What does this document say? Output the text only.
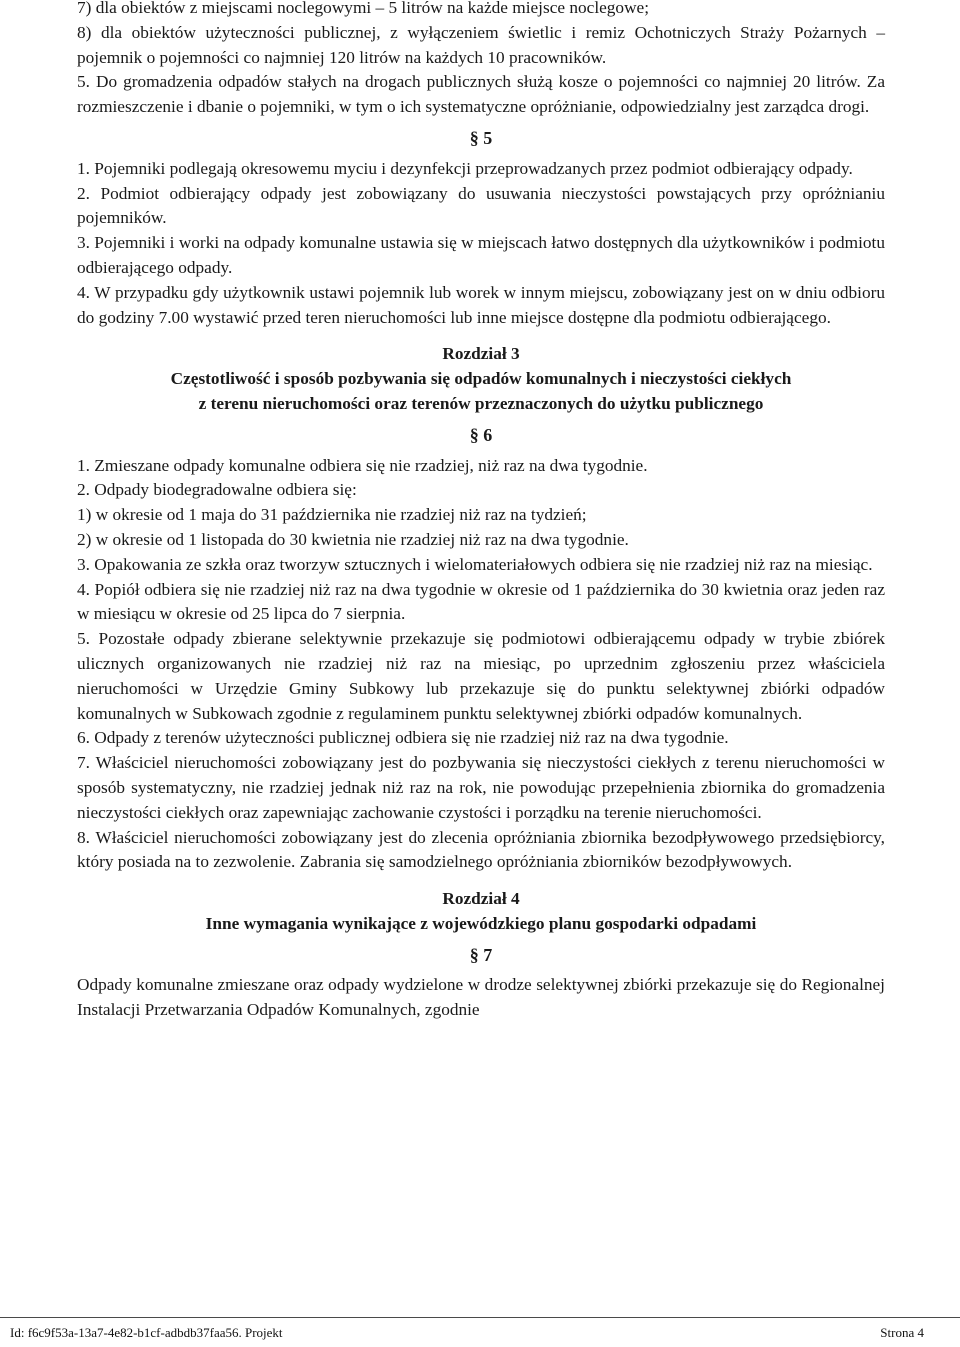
7) dla obiektów z miejscami noclegowymi – 5 litrów na każde miejsce noclegowe;

8) dla obiektów użyteczności publicznej, z wyłączeniem świetlic i remiz Ochotniczych Straży Pożarnych – pojemnik o pojemności co najmniej 120 litrów na każdych 10 pracowników.

5. Do gromadzenia odpadów stałych na drogach publicznych służą kosze o pojemności co najmniej 20 litrów. Za rozmieszczenie i dbanie o pojemniki, w tym o ich systematyczne opróżnianie, odpowiedzialny jest zarządca drogi.

§ 5

1. Pojemniki podlegają okresowemu myciu i dezynfekcji przeprowadzanych przez podmiot odbierający odpady.

2. Podmiot odbierający odpady jest zobowiązany do usuwania nieczystości powstających przy opróżnianiu pojemników.

3. Pojemniki i worki na odpady komunalne ustawia się w miejscach łatwo dostępnych dla użytkowników i podmiotu odbierającego odpady.

4. W przypadku gdy użytkownik ustawi pojemnik lub worek w innym miejscu, zobowiązany jest on w dniu odbioru do godziny 7.00 wystawić przed teren nieruchomości lub inne miejsce dostępne dla podmiotu odbierającego.

Rozdział 3

Częstotliwość i sposób pozbywania się odpadów komunalnych i nieczystości ciekłych

z terenu nieruchomości oraz terenów przeznaczonych do użytku publicznego

§ 6

1. Zmieszane odpady komunalne odbiera się nie rzadziej, niż raz na dwa tygodnie.

2. Odpady biodegradowalne odbiera się:

1) w okresie od 1 maja do 31 października nie rzadziej niż raz na tydzień;

2) w okresie od 1 listopada do 30 kwietnia nie rzadziej niż raz na dwa tygodnie.

3. Opakowania ze szkła oraz tworzyw sztucznych i wielomateriałowych odbiera się nie rzadziej niż raz na miesiąc.

4. Popiół odbiera się nie rzadziej niż raz na dwa tygodnie w okresie od 1 października do 30 kwietnia oraz jeden raz w miesiącu w okresie od 25 lipca do 7 sierpnia.

5. Pozostałe odpady zbierane selektywnie przekazuje się podmiotowi odbierającemu odpady w trybie zbiórek ulicznych organizowanych nie rzadziej niż raz na miesiąc, po uprzednim zgłoszeniu przez właściciela nieruchomości w Urzędzie Gminy Subkowy lub przekazuje się do punktu selektywnej zbiórki odpadów komunalnych w Subkowach zgodnie z regulaminem punktu selektywnej zbiórki odpadów komunalnych.

6. Odpady z terenów użyteczności publicznej odbiera się nie rzadziej niż raz na dwa tygodnie.

7. Właściciel nieruchomości zobowiązany jest do pozbywania się nieczystości ciekłych z terenu nieruchomości w sposób systematyczny, nie rzadziej jednak niż raz na rok, nie powodując przepełnienia zbiornika do gromadzenia nieczystości ciekłych oraz zapewniając zachowanie czystości i porządku na terenie nieruchomości.

8. Właściciel nieruchomości zobowiązany jest do zlecenia opróżniania zbiornika bezodpływowego przedsiębiorcy, który posiada na to zezwolenie. Zabrania się samodzielnego opróżniania zbiorników bezodpływowych.

Rozdział 4

Inne wymagania wynikające z wojewódzkiego planu gospodarki odpadami

§ 7

Odpady komunalne zmieszane oraz odpady wydzielone w drodze selektywnej zbiórki przekazuje się do Regionalnej Instalacji Przetwarzania Odpadów Komunalnych, zgodnie

Id: f6c9f53a-13a7-4e82-b1cf-adbdb37faa56. Projekt	Strona 4
